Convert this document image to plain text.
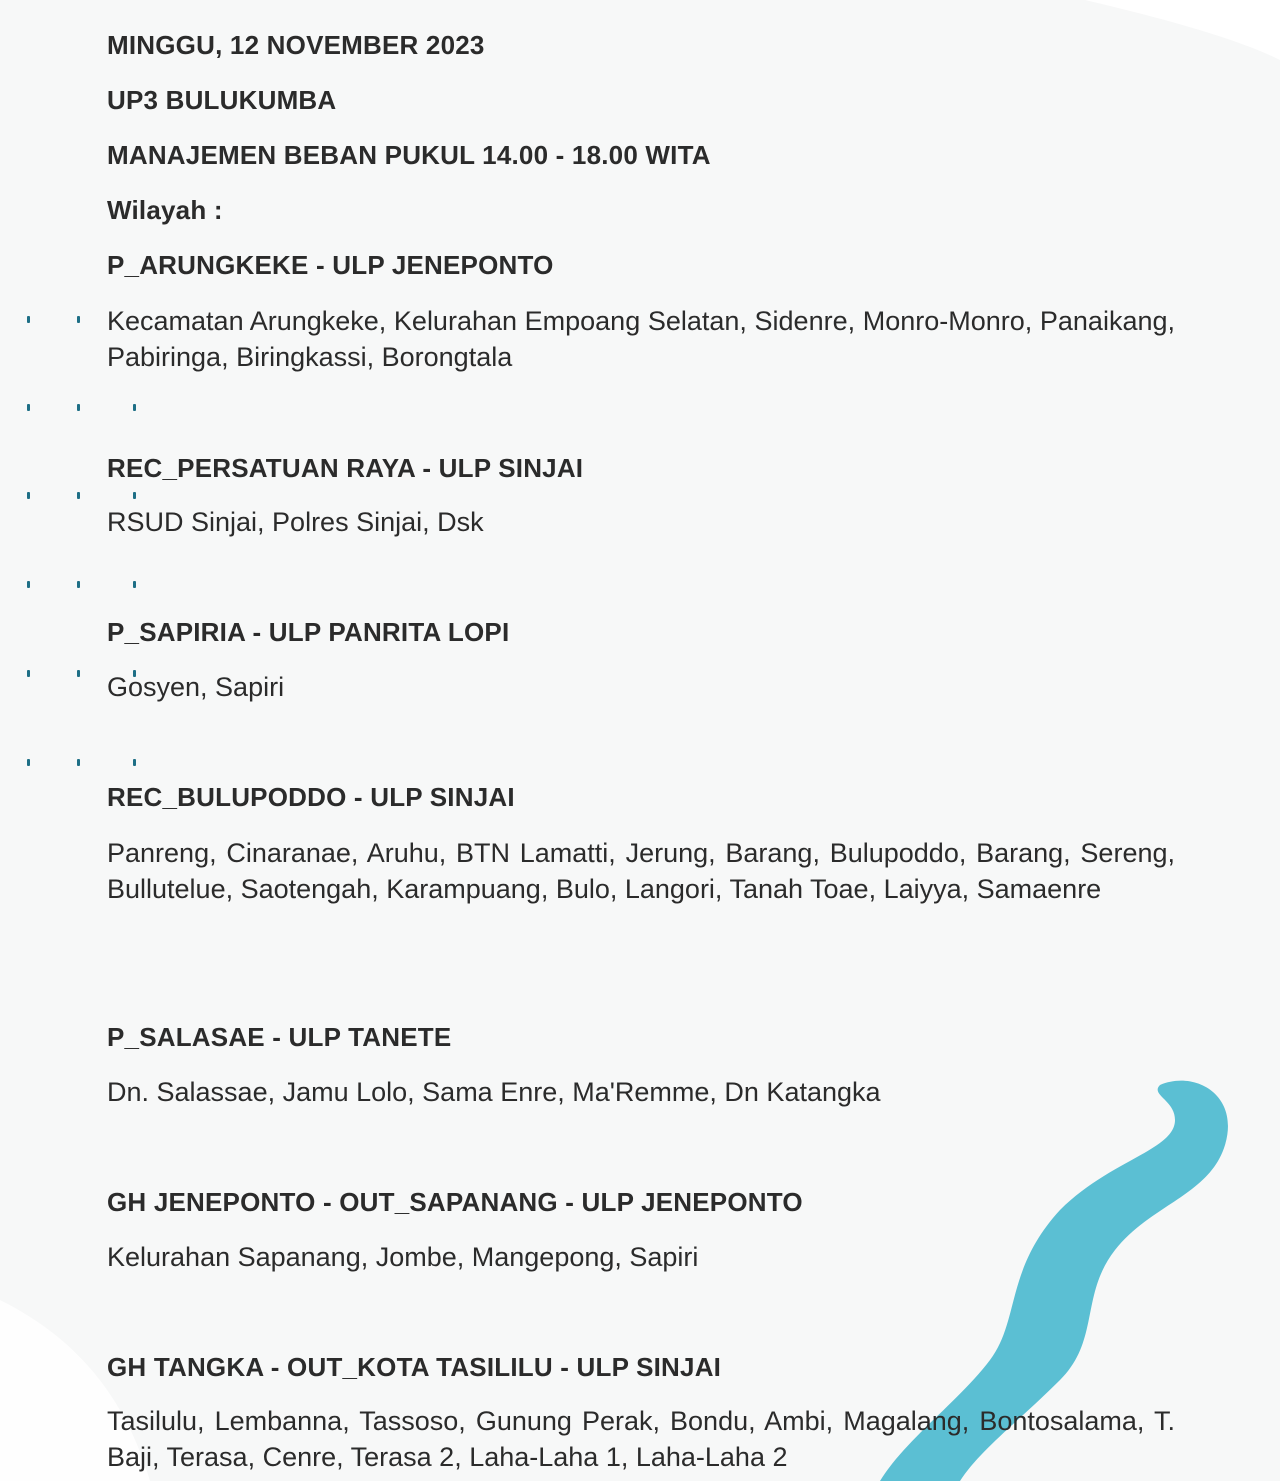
MINGGU, 12 NOVEMBER 2023
UP3 BULUKUMBA
MANAJEMEN BEBAN PUKUL 14.00 - 18.00 WITA
Wilayah :
P_ARUNGKEKE - ULP JENEPONTO
Kecamatan Arungkeke, Kelurahan Empoang Selatan, Sidenre, Monro-Monro, Panaikang, Pabiringa, Biringkassi, Borongtala
REC_PERSATUAN RAYA - ULP SINJAI
RSUD Sinjai, Polres Sinjai, Dsk
P_SAPIRIA - ULP PANRITA LOPI
Gosyen, Sapiri
REC_BULUPODDO - ULP SINJAI
Panreng, Cinaranae, Aruhu, BTN Lamatti, Jerung, Barang, Bulupoddo, Barang, Sereng, Bullutelue, Saotengah, Karampuang, Bulo, Langori, Tanah Toae, Laiyya, Samaenre
P_SALASAE - ULP TANETE
Dn. Salassae, Jamu Lolo, Sama Enre, Ma'Remme, Dn Katangka
GH JENEPONTO - OUT_SAPANANG - ULP JENEPONTO
Kelurahan Sapanang, Jombe, Mangepong, Sapiri
GH TANGKA - OUT_KOTA TASILILU - ULP SINJAI
Tasilulu, Lembanna, Tassoso, Gunung Perak, Bondu, Ambi, Magalang, Bontosalama, T. Baji, Terasa, Cenre, Terasa 2, Laha-Laha 1, Laha-Laha 2
